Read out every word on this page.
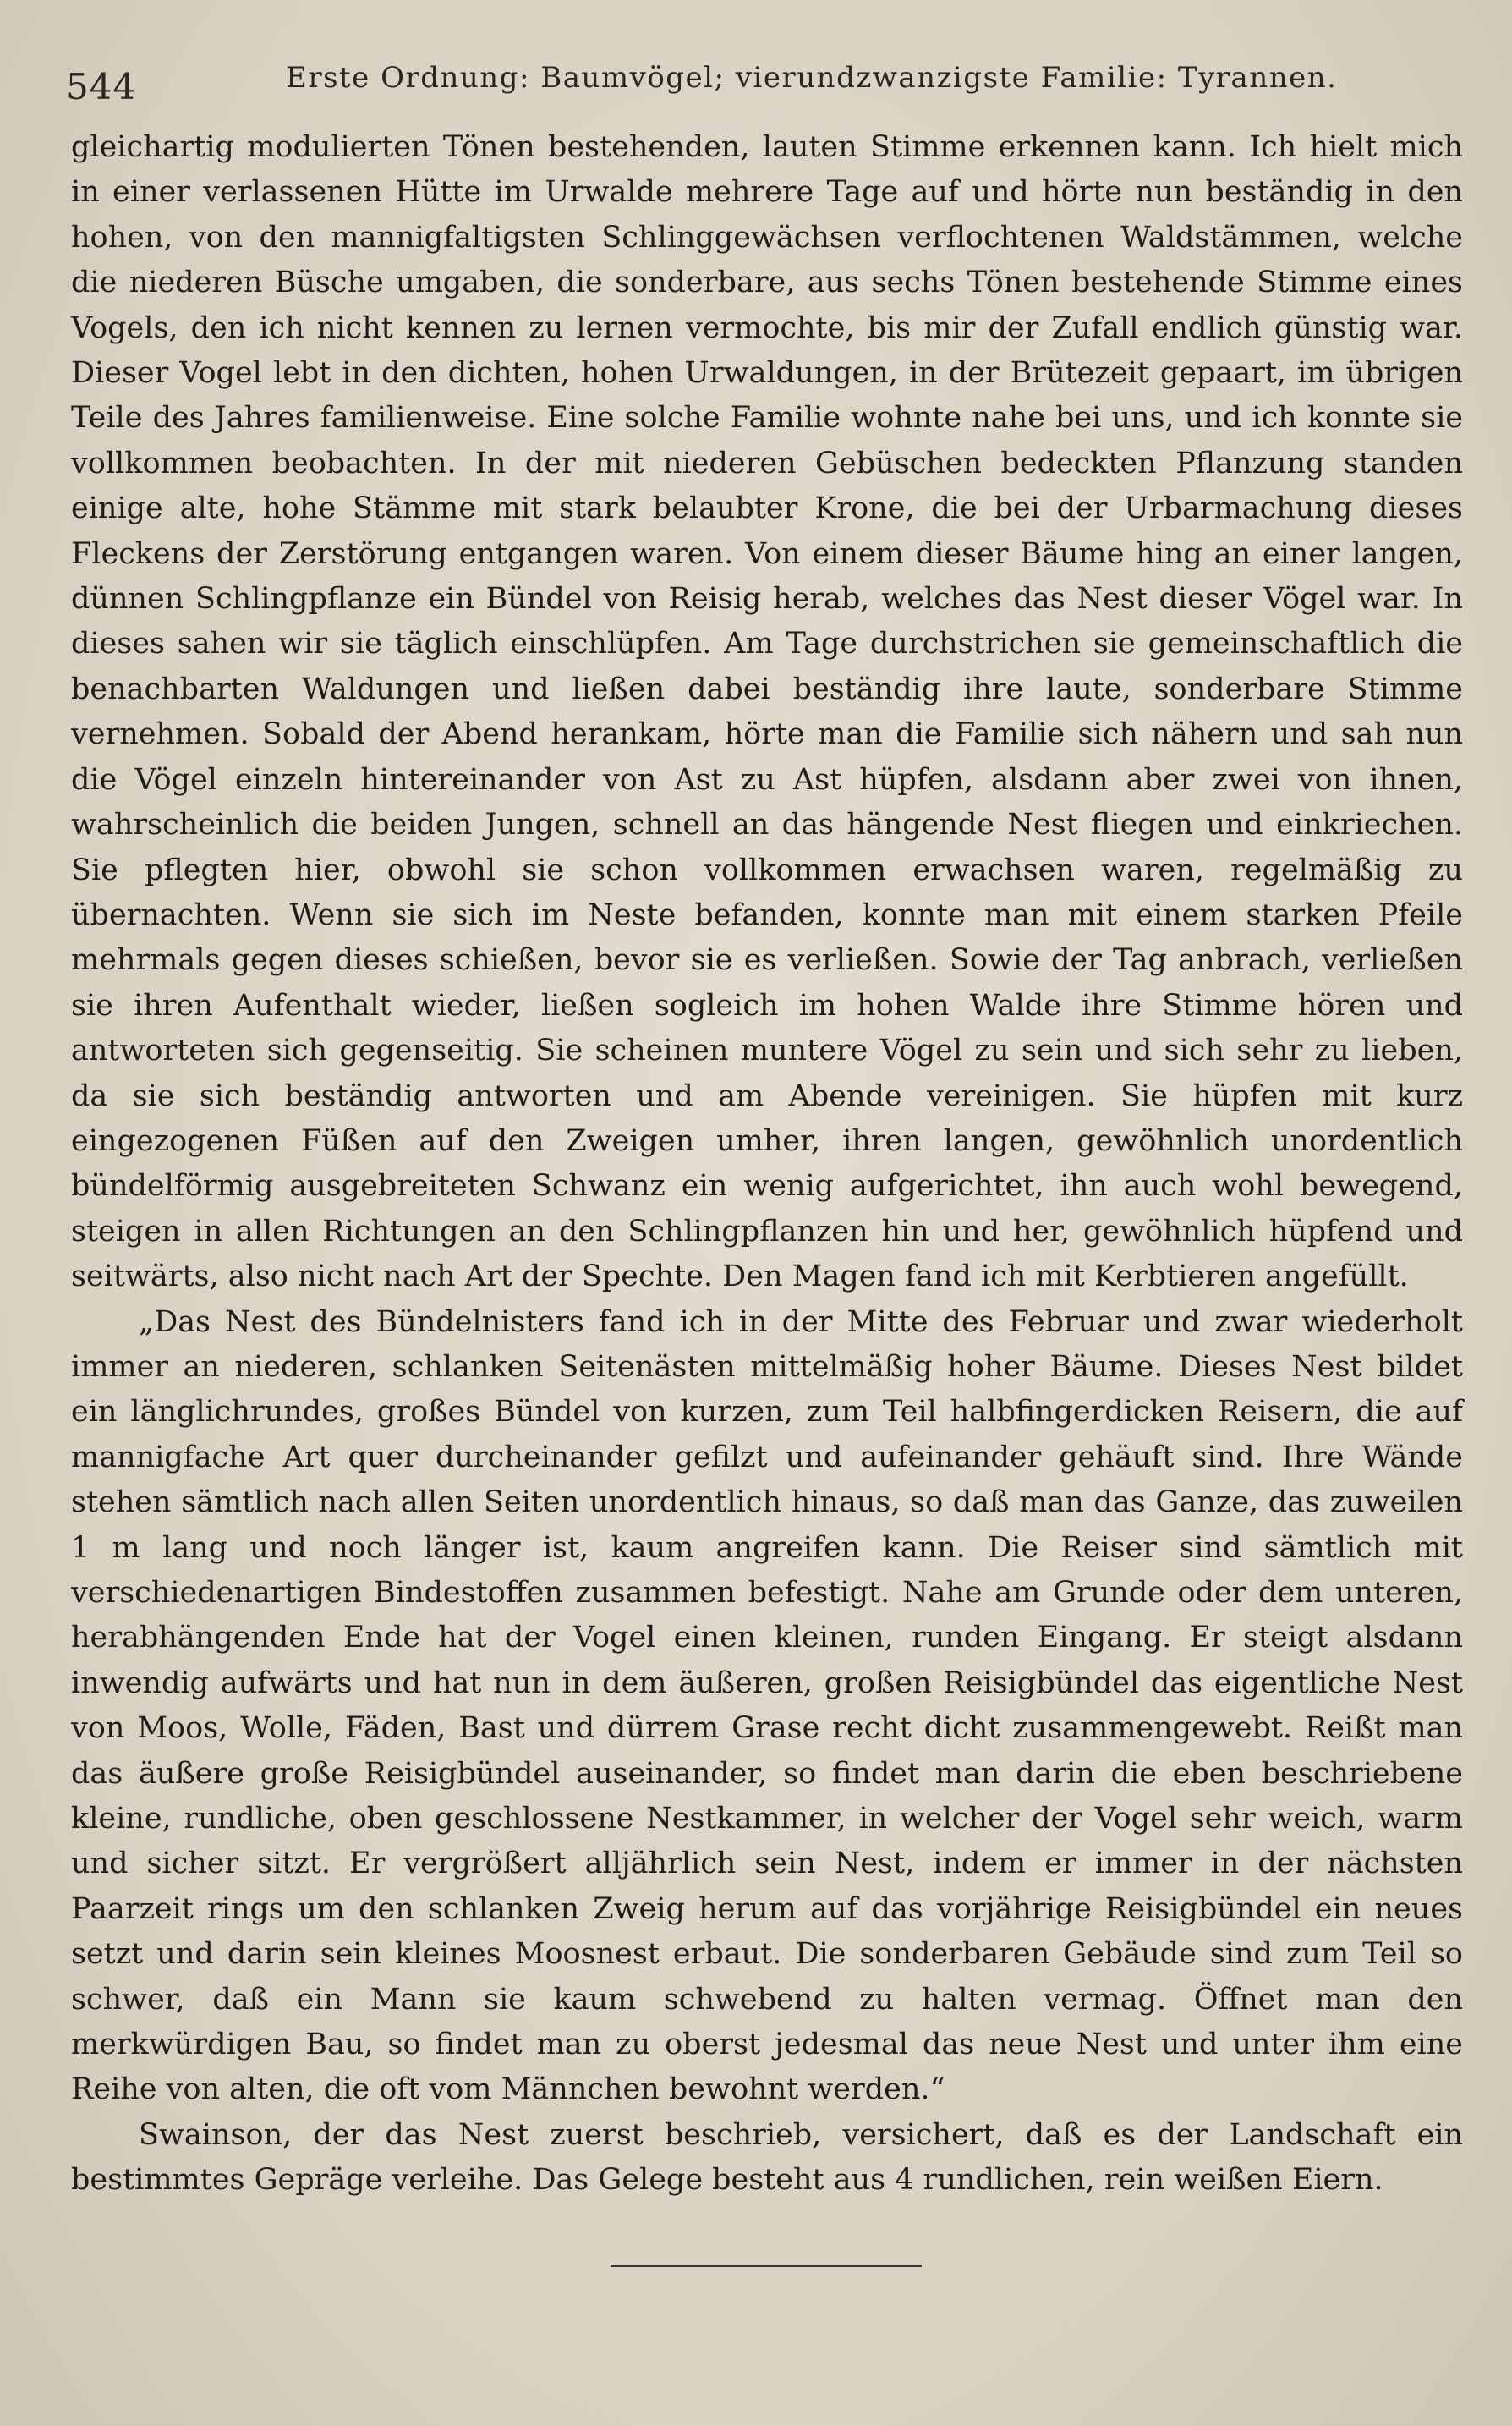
544	Erste Ordnung: Baumvögel; vierundzwanzigste Familie: Tyrannen.

gleichartig modulierten Tönen bestehenden, lauten Stimme erkennen kann. Ich hielt mich in einer verlassenen Hütte im Urwalde mehrere Tage auf und hörte nun beständig in den hohen, von den mannigfaltigsten Schlinggewächsen verflochtenen Waldstämmen, welche die niederen Büsche umgaben, die sonderbare, aus sechs Tönen bestehende Stimme eines Vogels, den ich nicht kennen zu lernen vermochte, bis mir der Zufall endlich günstig war. Dieser Vogel lebt in den dichten, hohen Urwaldungen, in der Brütezeit gepaart, im übrigen Teile des Jahres familienweise. Eine solche Familie wohnte nahe bei uns, und ich konnte sie vollkommen beobachten. In der mit niederen Gebüschen bedeckten Pflanzung standen einige alte, hohe Stämme mit stark belaubter Krone, die bei der Urbarmachung dieses Fleckens der Zerstörung entgangen waren. Von einem dieser Bäume hing an einer langen, dünnen Schlingpflanze ein Bündel von Reisig herab, welches das Nest dieser Vögel war. In dieses sahen wir sie täglich einschlüpfen. Am Tage durchstrichen sie gemeinschaftlich die benachbarten Waldungen und ließen dabei beständig ihre laute, sonderbare Stimme vernehmen. Sobald der Abend herankam, hörte man die Familie sich nähern und sah nun die Vögel einzeln hintereinander von Ast zu Ast hüpfen, alsdann aber zwei von ihnen, wahrscheinlich die beiden Jungen, schnell an das hängende Nest fliegen und einkriechen. Sie pflegten hier, obwohl sie schon vollkommen erwachsen waren, regelmäßig zu übernachten. Wenn sie sich im Neste befanden, konnte man mit einem starken Pfeile mehrmals gegen dieses schießen, bevor sie es verließen. Sowie der Tag anbrach, verließen sie ihren Aufenthalt wieder, ließen sogleich im hohen Walde ihre Stimme hören und antworteten sich gegenseitig. Sie scheinen muntere Vögel zu sein und sich sehr zu lieben, da sie sich beständig antworten und am Abende vereinigen. Sie hüpfen mit kurz eingezogenen Füßen auf den Zweigen umher, ihren langen, gewöhnlich unordentlich bündelförmig ausgebreiteten Schwanz ein wenig aufgerichtet, ihn auch wohl bewegend, steigen in allen Richtungen an den Schlingpflanzen hin und her, gewöhnlich hüpfend und seitwärts, also nicht nach Art der Spechte. Den Magen fand ich mit Kerbtieren angefüllt.

„Das Nest des Bündelnisters fand ich in der Mitte des Februar und zwar wiederholt immer an niederen, schlanken Seitenästen mittelmäßig hoher Bäume. Dieses Nest bildet ein länglichrundes, großes Bündel von kurzen, zum Teil halbfingerdicken Reisern, die auf mannigfache Art quer durcheinander gefilzt und aufeinander gehäuft sind. Ihre Wände stehen sämtlich nach allen Seiten unordentlich hinaus, so daß man das Ganze, das zuweilen 1 m lang und noch länger ist, kaum angreifen kann. Die Reiser sind sämtlich mit verschiedenartigen Bindestoffen zusammen befestigt. Nahe am Grunde oder dem unteren, herabhängenden Ende hat der Vogel einen kleinen, runden Eingang. Er steigt alsdann inwendig aufwärts und hat nun in dem äußeren, großen Reisigbündel das eigentliche Nest von Moos, Wolle, Fäden, Bast und dürrem Grase recht dicht zusammengewebt. Reißt man das äußere große Reisigbündel auseinander, so findet man darin die eben beschriebene kleine, rundliche, oben geschlossene Nestkammer, in welcher der Vogel sehr weich, warm und sicher sitzt. Er vergrößert alljährlich sein Nest, indem er immer in der nächsten Paarzeit rings um den schlanken Zweig herum auf das vorjährige Reisigbündel ein neues setzt und darin sein kleines Moosnest erbaut. Die sonderbaren Gebäude sind zum Teil so schwer, daß ein Mann sie kaum schwebend zu halten vermag. Öffnet man den merkwürdigen Bau, so findet man zu oberst jedesmal das neue Nest und unter ihm eine Reihe von alten, die oft vom Männchen bewohnt werden.“

Swainson, der das Nest zuerst beschrieb, versichert, daß es der Landschaft ein bestimmtes Gepräge verleihe. Das Gelege besteht aus 4 rundlichen, rein weißen Eiern.
